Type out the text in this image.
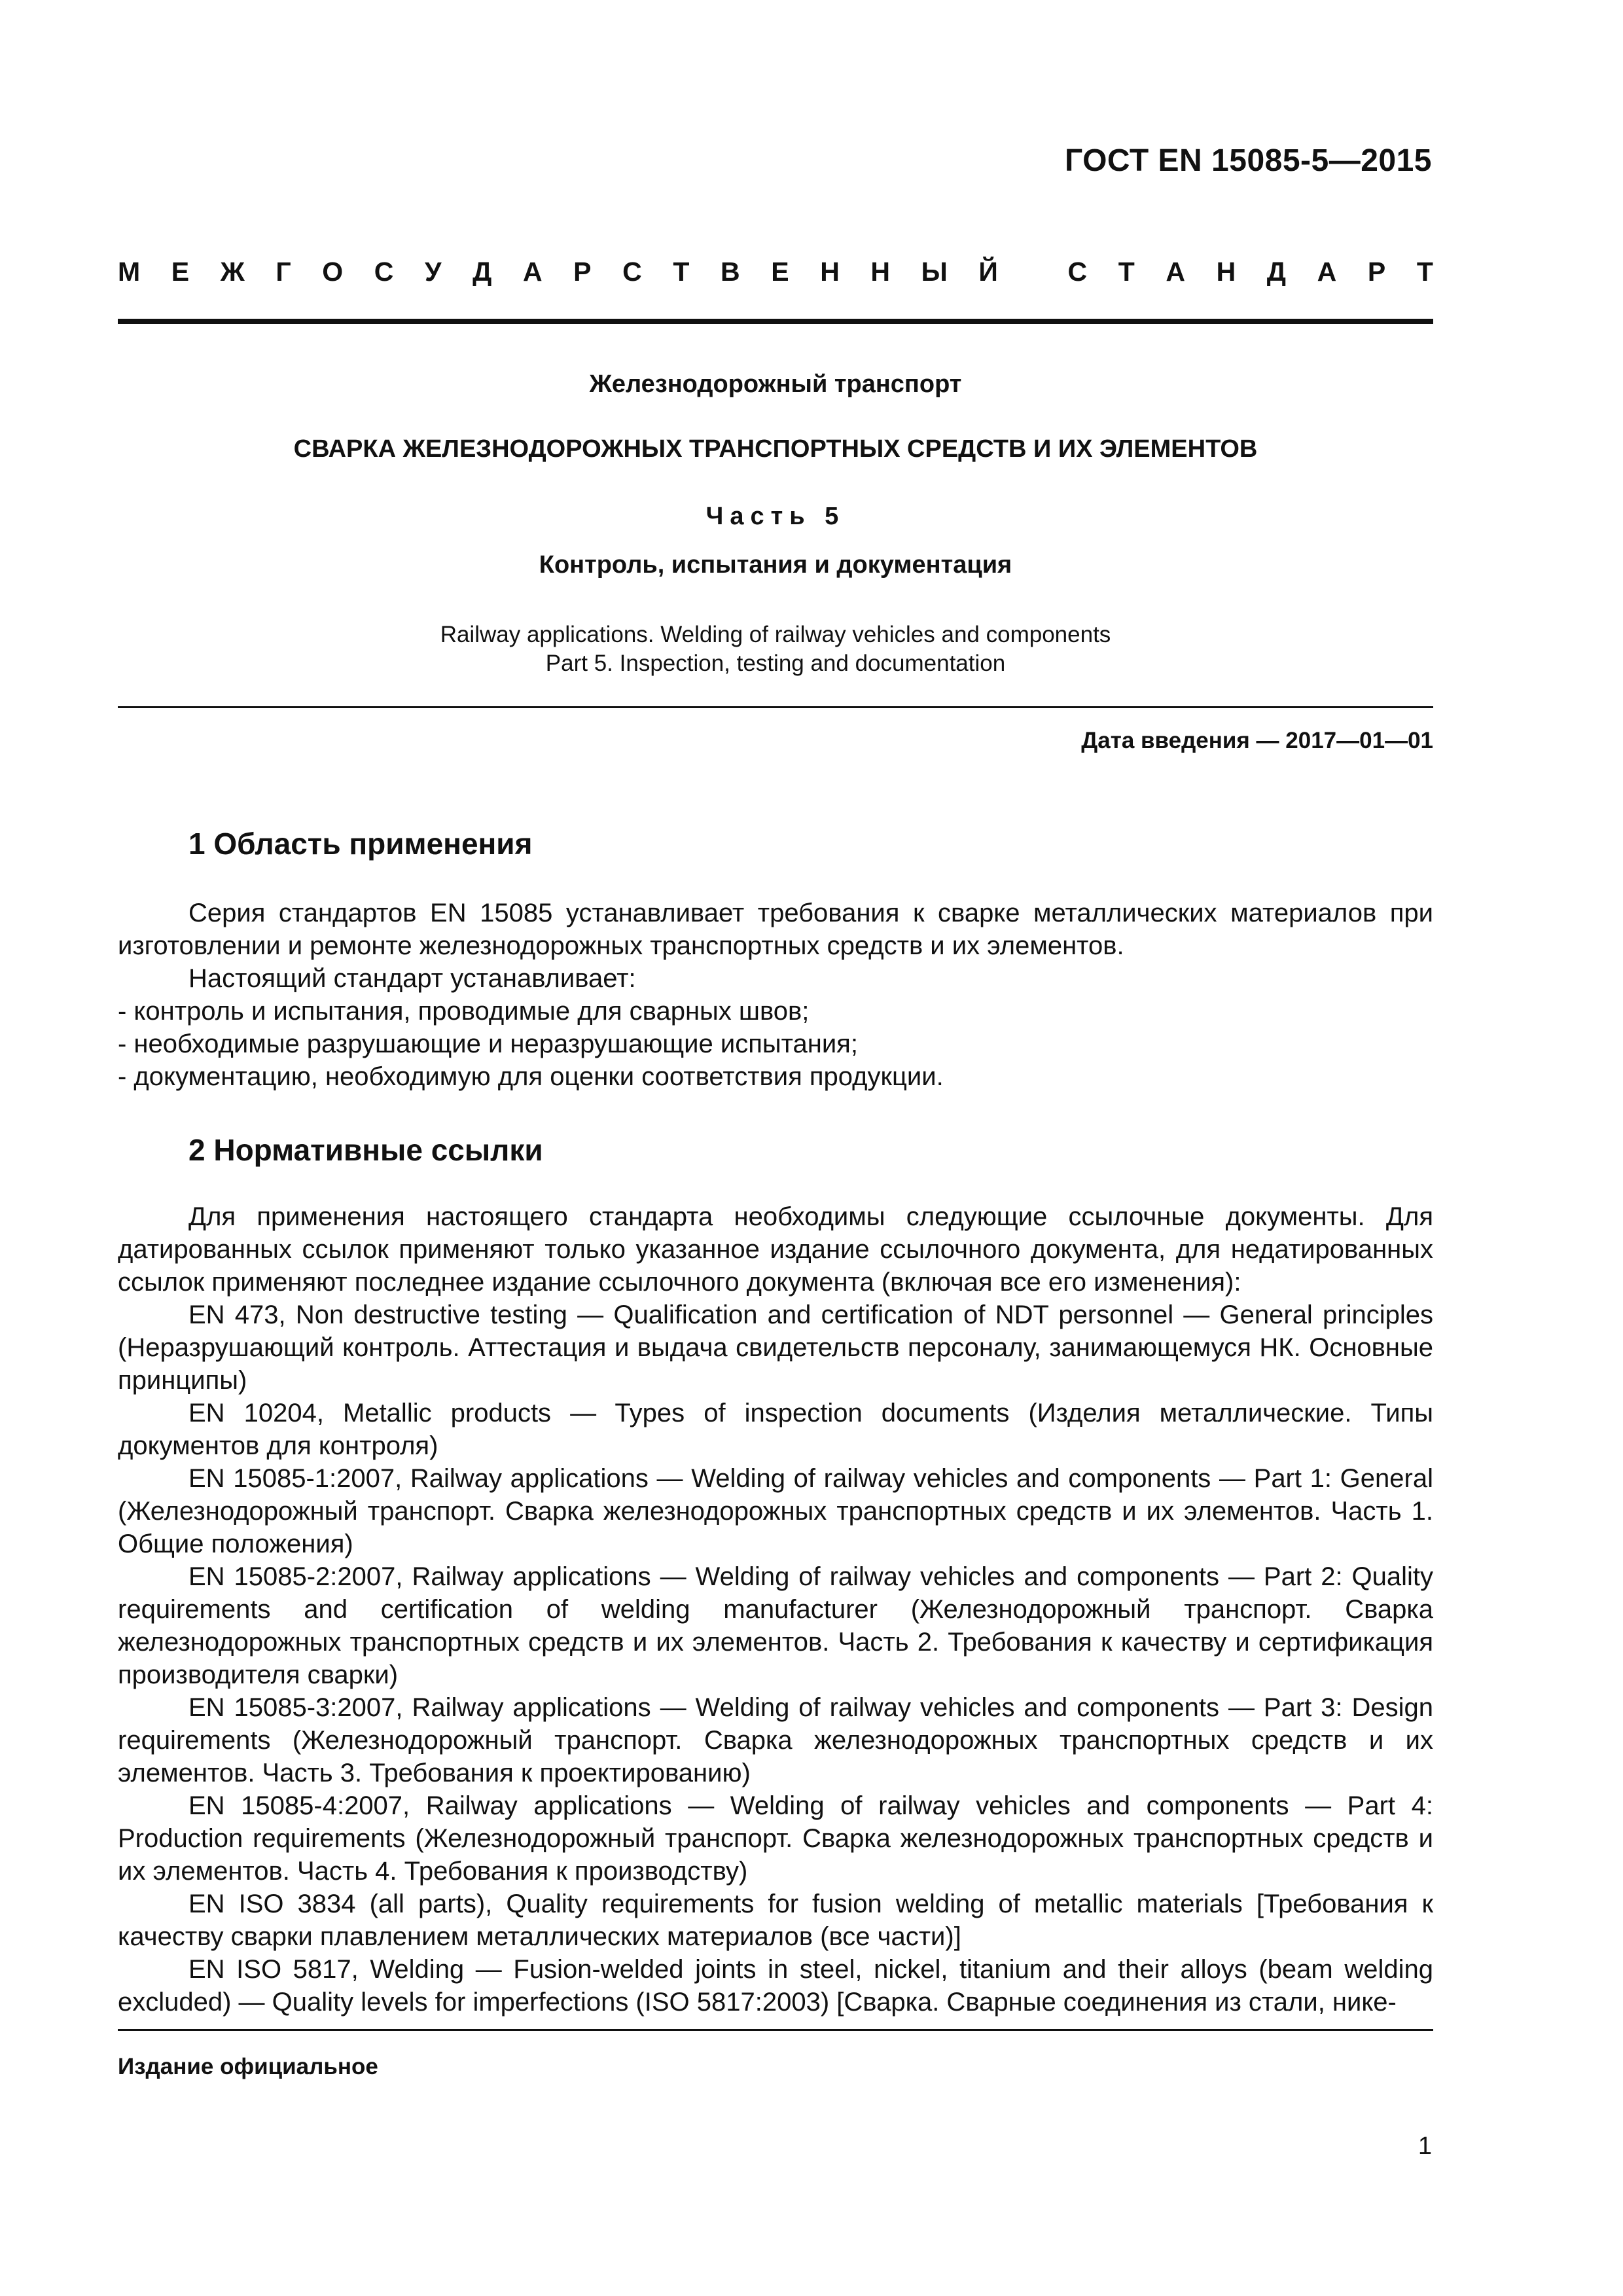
ГОСТ EN 15085-5—2015
М Е Ж Г О С У Д А Р С Т В Е Н Н Ы Й
	С Т А Н Д А Р Т
Железнодорожный транспорт
СВАРКА ЖЕЛЕЗНОДОРОЖНЫХ ТРАНСПОРТНЫХ СРЕДСТВ И ИХ ЭЛЕМЕНТОВ
Часть 5
Контроль, испытания и документация
Railway applications. Welding of railway vehicles and components
Part 5. Inspection, testing and documentation
Дата введения — 2017—01—01
1 Область применения

Серия стандартов EN 15085 устанавливает требования к сварке металлических материалов при изготовлении и ремонте железнодорожных транспортных средств и их элементов.

Настоящий стандарт устанавливает:

- контроль и испытания, проводимые для сварных швов;

- необходимые разрушающие и неразрушающие испытания;

- документацию, необходимую для оценки соответствия продукции.

2 Нормативные ссылки

Для применения настоящего стандарта необходимы следующие ссылочные документы. Для датированных ссылок применяют только указанное издание ссылочного документа, для недатированных ссылок применяют последнее издание ссылочного документа (включая все его изменения):

EN 473, Non destructive testing — Qualification and certification of NDT personnel — General principles (Неразрушающий контроль. Аттестация и выдача свидетельств персоналу, занимающемуся НК. Основные принципы)

EN 10204, Metallic products — Types of inspection documents (Изделия металлические. Типы документов для контроля)

EN 15085-1:2007, Railway applications — Welding of railway vehicles and components — Part 1: General (Железнодорожный транспорт. Сварка железнодорожных транспортных средств и их элементов. Часть 1. Общие положения)

EN 15085-2:2007, Railway applications — Welding of railway vehicles and components — Part 2: Quality requirements and certification of welding manufacturer (Железнодорожный транспорт. Сварка железнодорожных транспортных средств и их элементов. Часть 2. Требования к качеству и сертификация производителя сварки)

EN 15085-3:2007, Railway applications — Welding of railway vehicles and components — Part 3: Design requirements (Железнодорожный транспорт. Сварка железнодорожных транспортных средств и их элементов. Часть 3. Требования к проектированию)

EN 15085-4:2007, Railway applications — Welding of railway vehicles and components — Part 4: Production requirements (Железнодорожный транспорт. Сварка железнодорожных транспортных средств и их элементов. Часть 4. Требования к производству)

EN ISO 3834 (all parts), Quality requirements for fusion welding of metallic materials [Требования к качеству сварки плавлением металлических материалов (все части)]

EN ISO 5817, Welding — Fusion-welded joints in steel, nickel, titanium and their alloys (beam welding excluded) — Quality levels for imperfections (ISO 5817:2003) [Сварка. Сварные соединения из стали, нике-

Издание официальное
1
